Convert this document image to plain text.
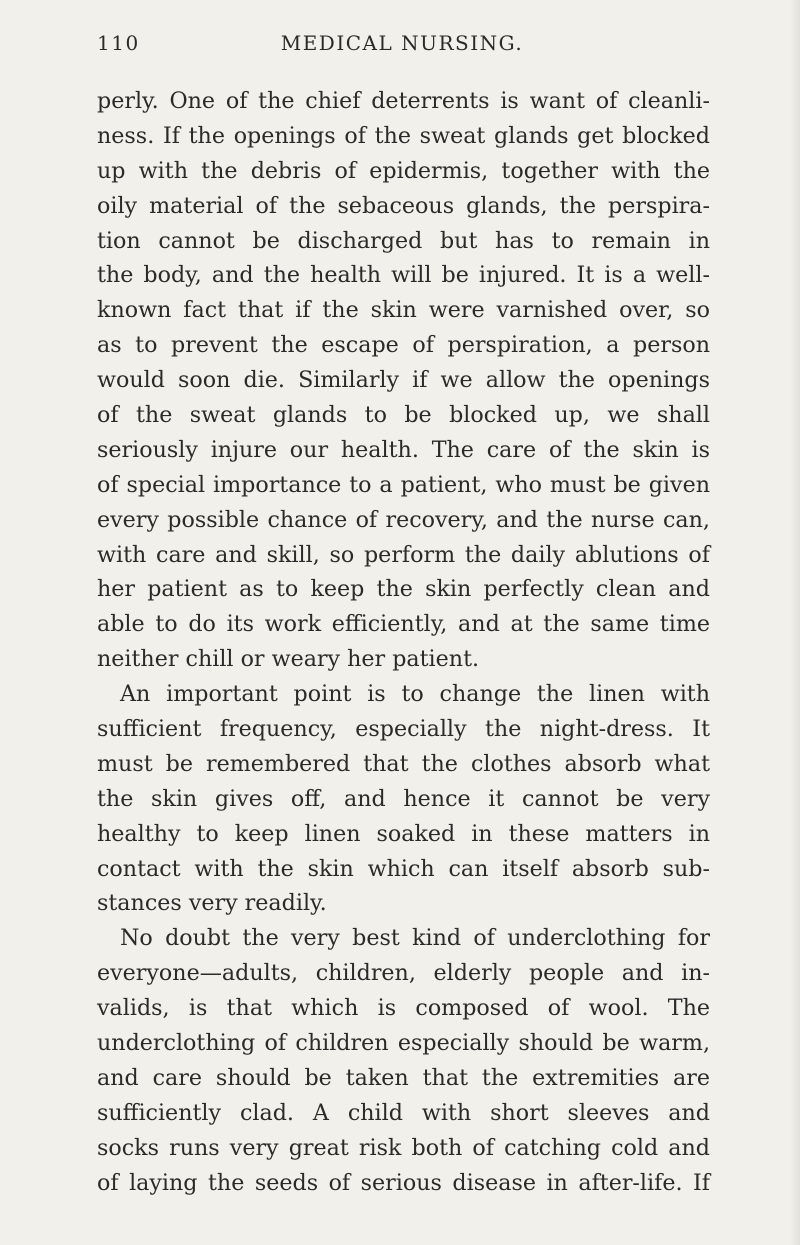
110	MEDICAL NURSING.
perly. One of the chief deterrents is want of cleanli-
ness. If the openings of the sweat glands get blocked
up with the debris of epidermis, together with the
oily material of the sebaceous glands, the perspira-
tion cannot be discharged but has to remain in
the body, and the health will be injured. It is a well-
known fact that if the skin were varnished over, so
as to prevent the escape of perspiration, a person
would soon die. Similarly if we allow the openings
of the sweat glands to be blocked up, we shall
seriously injure our health. The care of the skin is
of special importance to a patient, who must be given
every possible chance of recovery, and the nurse can,
with care and skill, so perform the daily ablutions of
her patient as to keep the skin perfectly clean and
able to do its work efficiently, and at the same time
neither chill or weary her patient.
An important point is to change the linen with
sufficient frequency, especially the night-dress. It
must be remembered that the clothes absorb what
the skin gives off, and hence it cannot be very
healthy to keep linen soaked in these matters in
contact with the skin which can itself absorb sub-
stances very readily.
No doubt the very best kind of underclothing for
everyone—adults, children, elderly people and in-
valids, is that which is composed of wool. The
underclothing of children especially should be warm,
and care should be taken that the extremities are
sufficiently clad. A child with short sleeves and
socks runs very great risk both of catching cold and
of laying the seeds of serious disease in after-life. If
